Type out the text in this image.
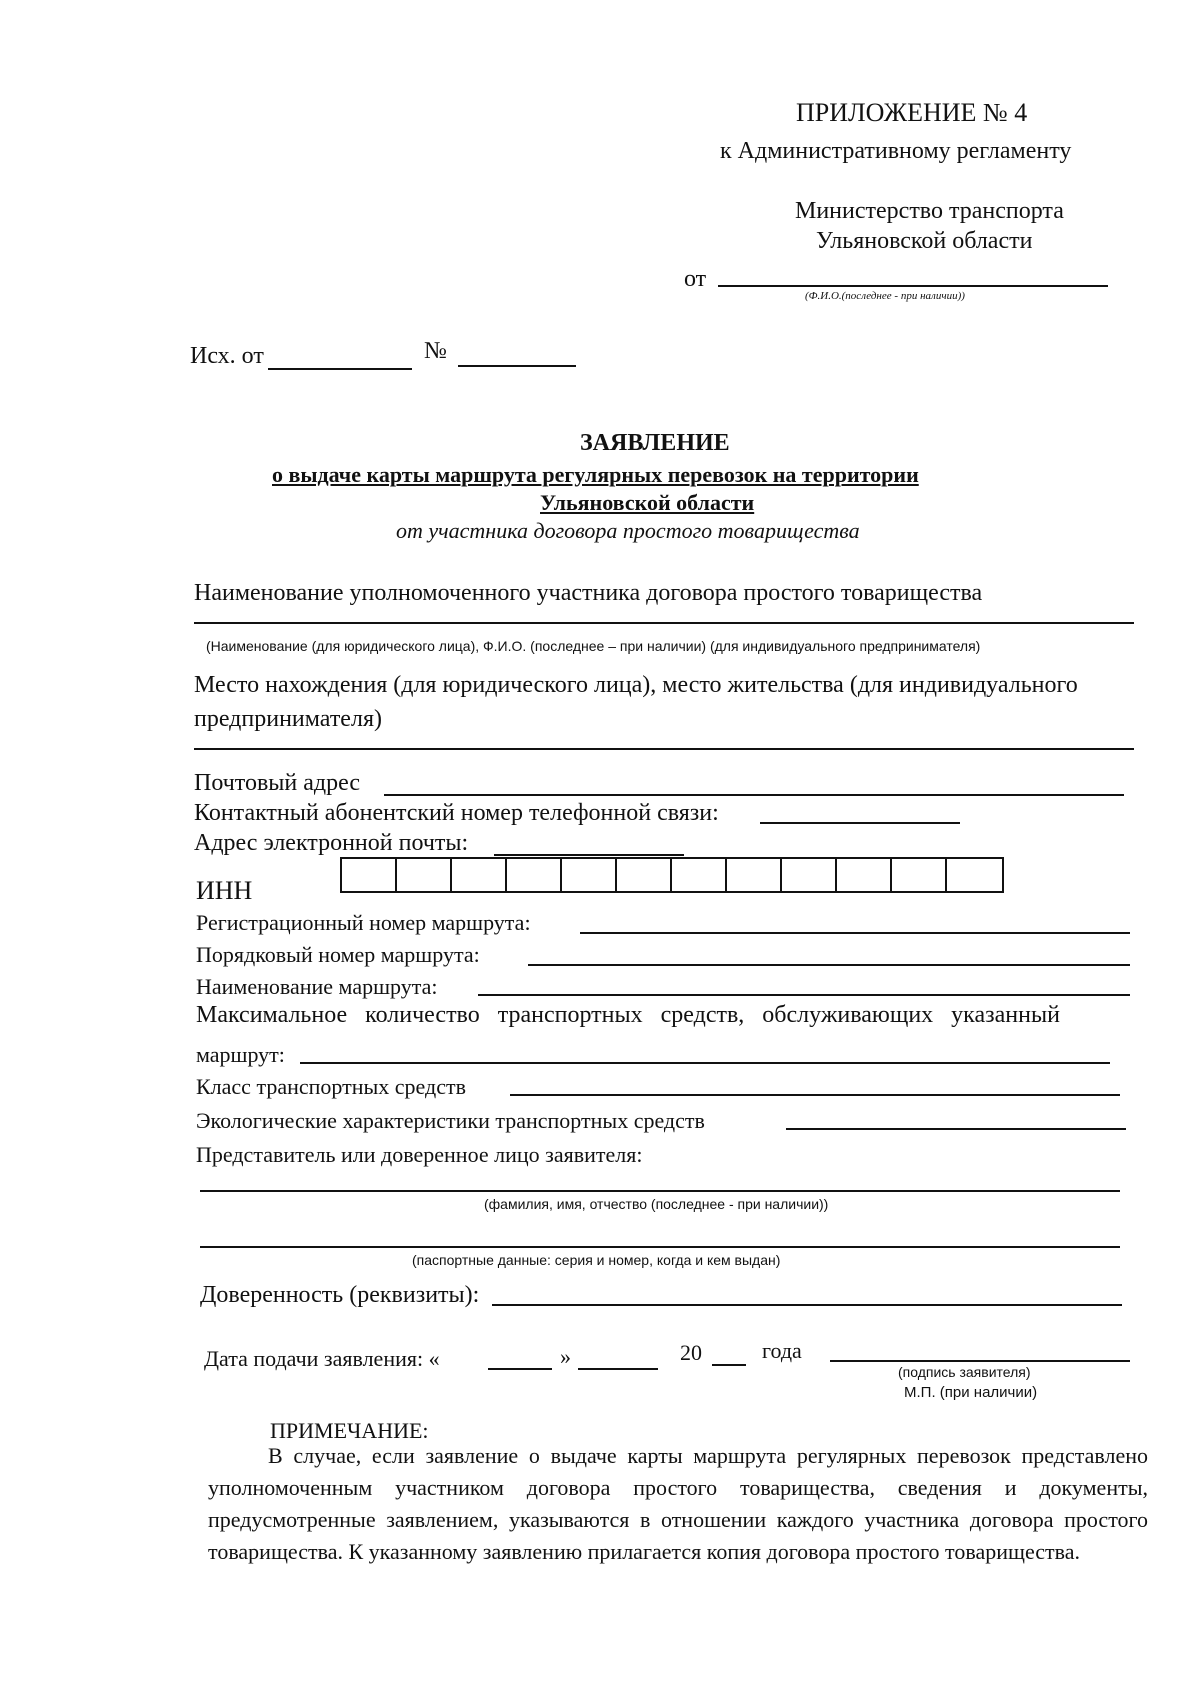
ПРИЛОЖЕНИЕ № 4
к Административному регламенту
Министерство транспорта
Ульяновской области
от
(Ф.И.О.(последнее - при наличии))
Исх. от	№
ЗАЯВЛЕНИЕ
о выдаче карты маршрута регулярных перевозок на территории
Ульяновской области
от участника договора простого товарищества
Наименование уполномоченного участника договора простого товарищества
(Наименование (для юридического лица), Ф.И.О. (последнее – при наличии) (для индивидуального предпринимателя)
Место нахождения (для юридического лица), место жительства (для индивидуального
предпринимателя)
Почтовый адрес
Контактный абонентский номер телефонной связи:
Адрес электронной почты:
ИНН
Регистрационный номер маршрута:
Порядковый номер маршрута:
Наименование маршрута:
Максимальное   количество   транспортных   средств,   обслуживающих   указанный
маршрут:
Класс транспортных средств
Экологические характеристики транспортных средств
Представитель или доверенное лицо заявителя:
(фамилия, имя, отчество (последнее - при наличии))
(паспортные данные: серия и номер, когда и кем выдан)
Доверенность (реквизиты):
Дата подачи заявления: «	»	20	года
(подпись заявителя)
М.П. (при наличии)
ПРИМЕЧАНИЕ:
В случае, если заявление о выдаче карты маршрута регулярных перевозок представлено уполномоченным участником договора простого товарищества, сведения и документы, предусмотренные заявлением, указываются в отношении каждого участника договора простого товарищества. К указанному заявлению прилагается копия договора простого товарищества.
